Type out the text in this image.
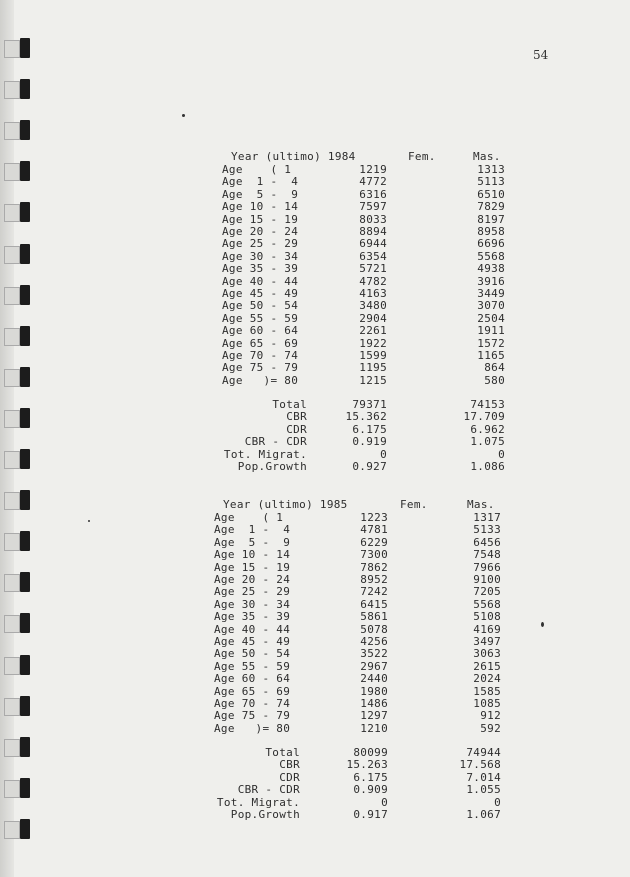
54
Year (ultimo) 1984	Fem.	Mas.
Age    ( 1	1219	1313
Age  1 -  4	4772	5113
Age  5 -  9	6316	6510
Age 10 - 14	7597	7829
Age 15 - 19	8033	8197
Age 20 - 24	8894	8958
Age 25 - 29	6944	6696
Age 30 - 34	6354	5568
Age 35 - 39	5721	4938
Age 40 - 44	4782	3916
Age 45 - 49	4163	3449
Age 50 - 54	3480	3070
Age 55 - 59	2904	2504
Age 60 - 64	2261	1911
Age 65 - 69	1922	1572
Age 70 - 74	1599	1165
Age 75 - 79	1195	864
Age   )= 80	1215	580
Total	79371	74153
CBR	15.362	17.709
CDR	6.175	6.962
CBR - CDR	0.919	1.075
Tot. Migrat.	0	0
Pop.Growth	0.927	1.086
Year (ultimo) 1985	Fem.	Mas.
Age    ( 1	1223	1317
Age  1 -  4	4781	5133
Age  5 -  9	6229	6456
Age 10 - 14	7300	7548
Age 15 - 19	7862	7966
Age 20 - 24	8952	9100
Age 25 - 29	7242	7205
Age 30 - 34	6415	5568
Age 35 - 39	5861	5108
Age 40 - 44	5078	4169
Age 45 - 49	4256	3497
Age 50 - 54	3522	3063
Age 55 - 59	2967	2615
Age 60 - 64	2440	2024
Age 65 - 69	1980	1585
Age 70 - 74	1486	1085
Age 75 - 79	1297	912
Age   )= 80	1210	592
Total	80099	74944
CBR	15.263	17.568
CDR	6.175	7.014
CBR - CDR	0.909	1.055
Tot. Migrat.	0	0
Pop.Growth	0.917	1.067
